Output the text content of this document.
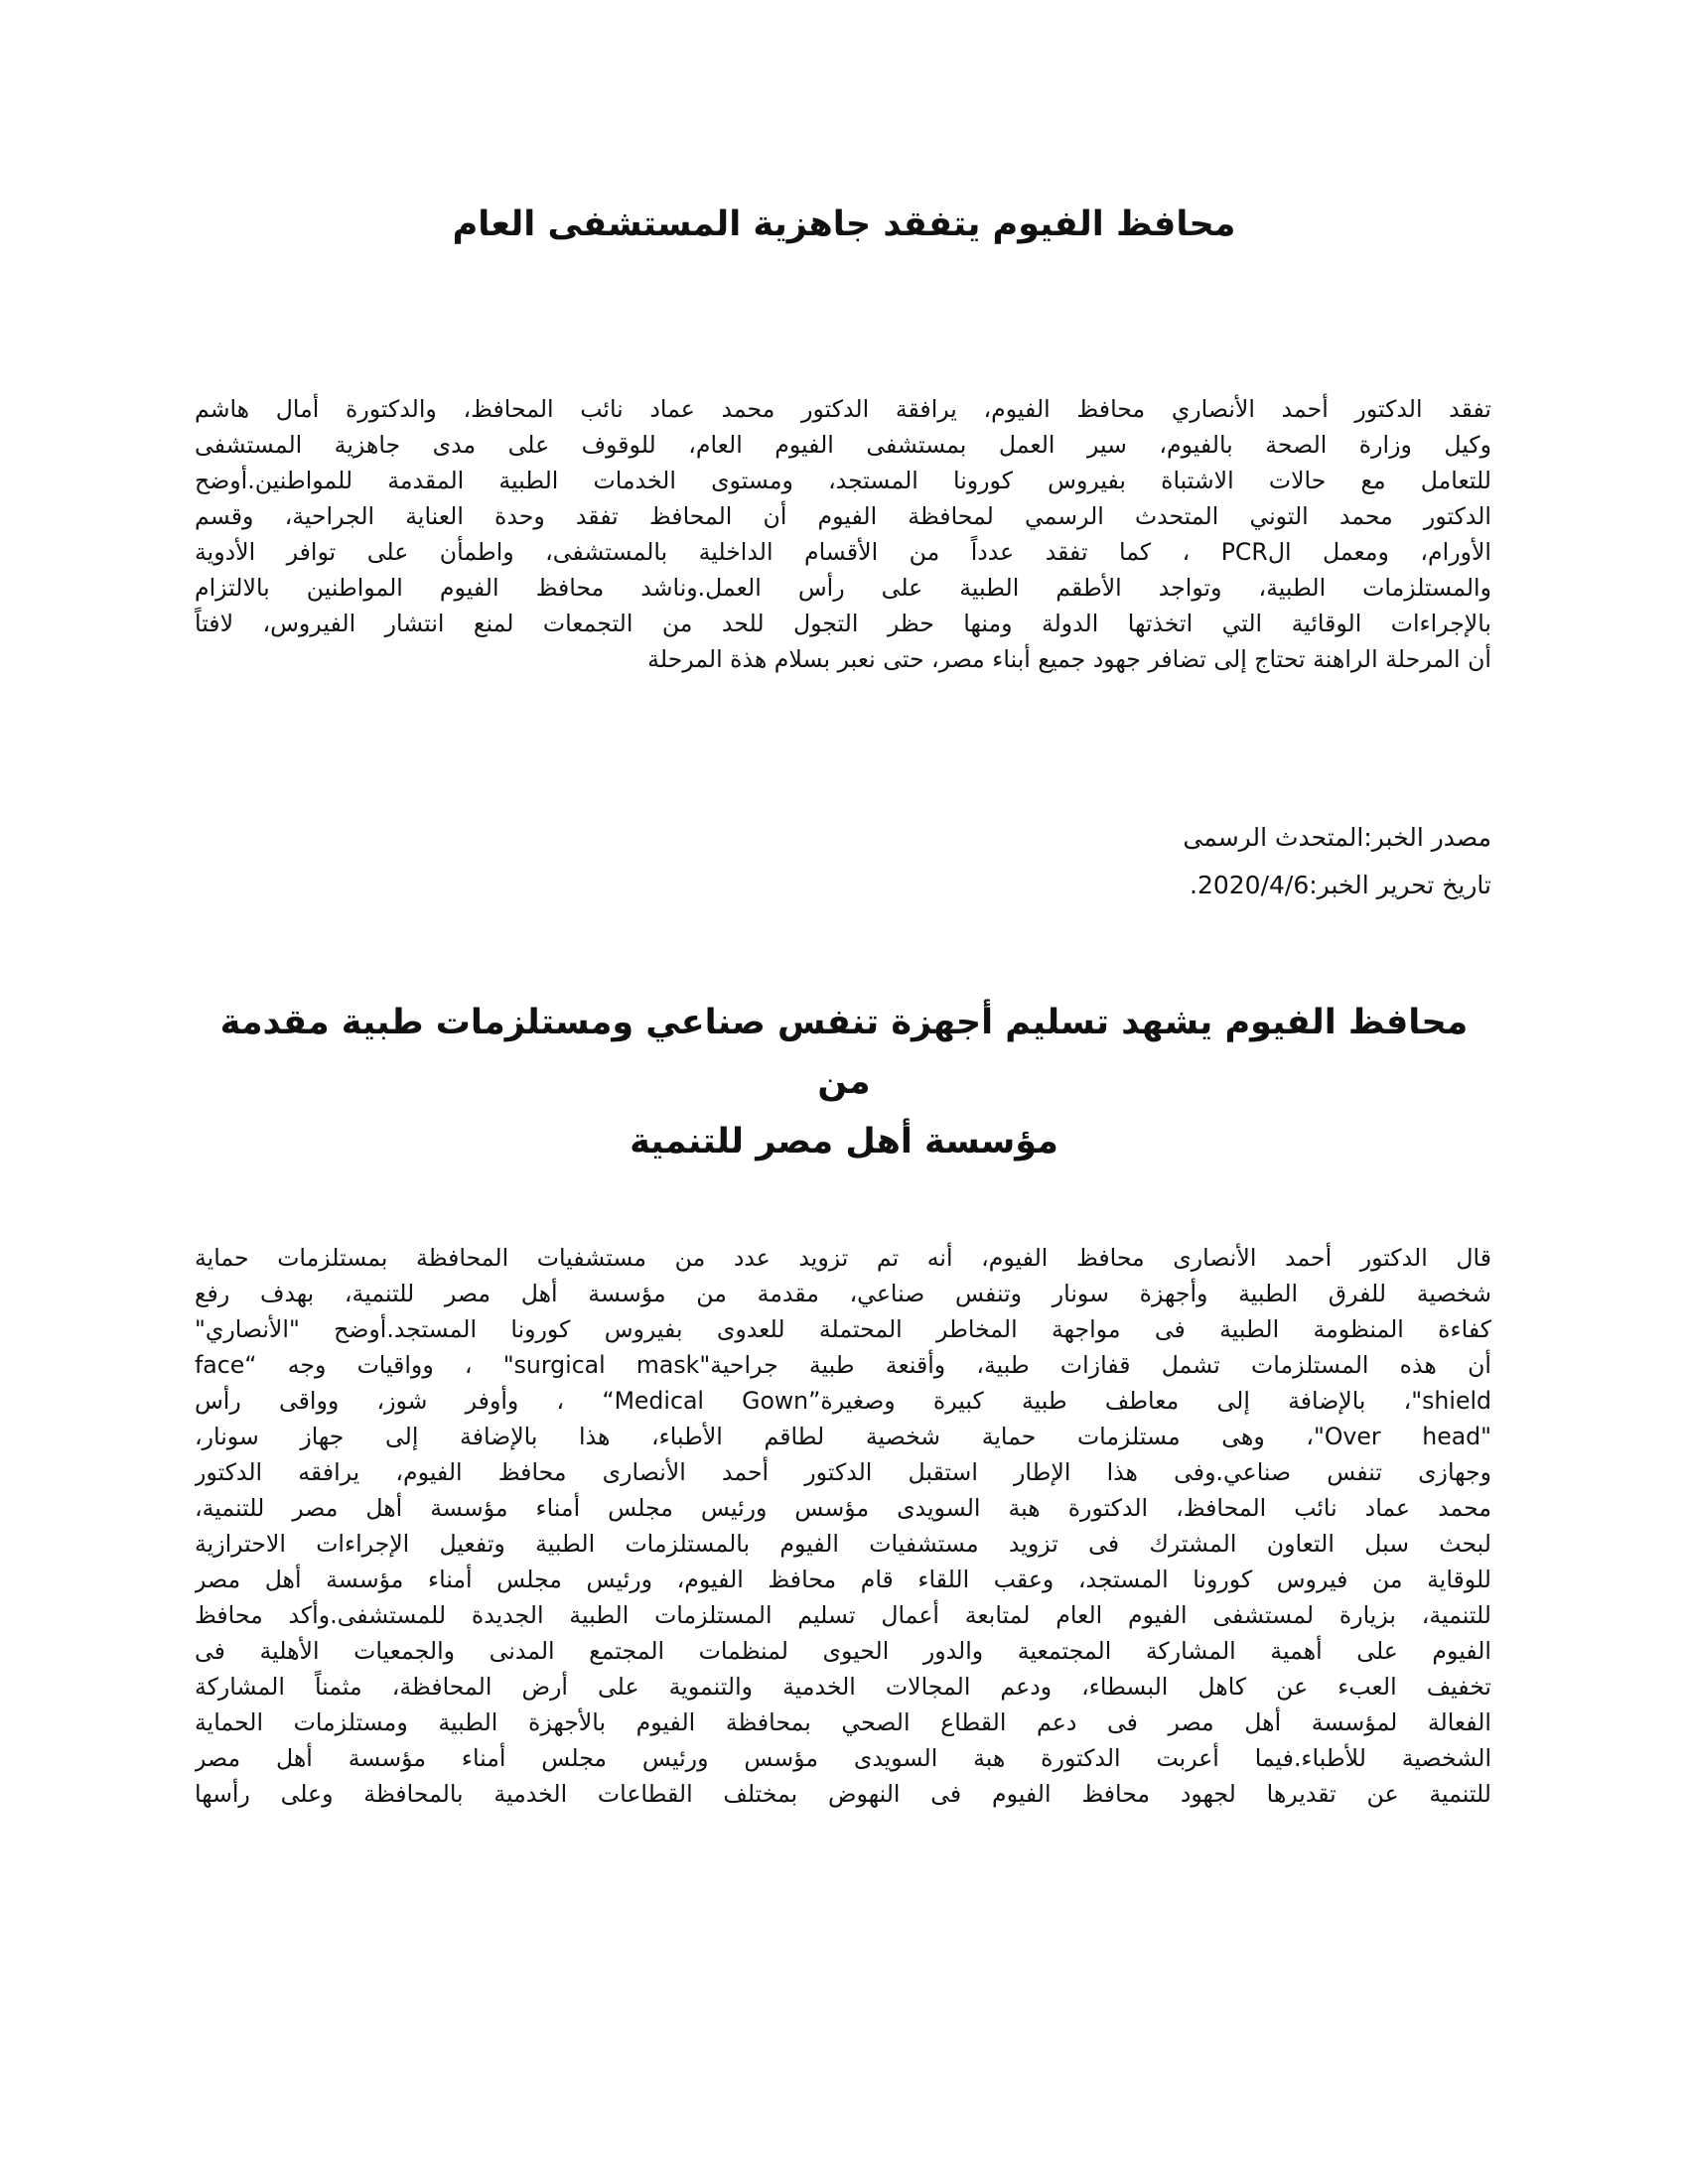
محافظ الفيوم يتفقد جاهزية المستشفى العام
تفقد الدكتور أحمد الأنصاري محافظ الفيوم، يرافقة الدكتور محمد عماد نائب المحافظ، والدكتورة أمال هاشم
وكيل وزارة الصحة بالفيوم، سير العمل بمستشفى الفيوم العام، للوقوف على مدى جاهزية المستشفى
للتعامل مع حالات الاشتباة بفيروس كورونا المستجد، ومستوى الخدمات الطبية المقدمة للمواطنين.أوضح
الدكتور محمد التوني المتحدث الرسمي لمحافظة الفيوم أن المحافظ تفقد وحدة العناية الجراحية، وقسم
الأورام، ومعمل الPCR ، كما تفقد عدداً من الأقسام الداخلية بالمستشفى، واطمأن على توافر الأدوية
والمستلزمات الطبية، وتواجد الأطقم الطبية على رأس العمل.وناشد محافظ الفيوم المواطنين بالالتزام
بالإجراءات الوقائية التي اتخذتها الدولة ومنها حظر التجول للحد من التجمعات لمنع انتشار الفيروس، لافتاً
أن المرحلة الراهنة تحتاج إلى تضافر جهود جميع أبناء مصر، حتى نعبر بسلام هذة المرحلة

مصدر الخبر:المتحدث الرسمى

تاريخ تحرير الخبر:2020/4/6.

محافظ الفيوم يشهد تسليم أجهزة تنفس صناعي ومستلزمات طبية مقدمة من
مؤسسة أهل مصر للتنمية
قال الدكتور أحمد الأنصارى محافظ الفيوم، أنه تم تزويد عدد من مستشفيات المحافظة بمستلزمات حماية
شخصية للفرق الطبية وأجهزة سونار وتنفس صناعي، مقدمة من مؤسسة أهل مصر للتنمية، بهدف رفع
كفاءة المنظومة الطبية فى مواجهة المخاطر المحتملة للعدوى بفيروس كورونا المستجد.أوضح "الأنصاري"
أن هذه المستلزمات تشمل قفازات طبية، وأقنعة طبية جراحية"surgical mask" ، وواقيات وجه “face
shield"، بالإضافة إلى معاطف طبية كبيرة وصغيرة”Medical Gown“ ، وأوفر شوز، وواقى رأس
"Over head"، وهى مستلزمات حماية شخصية لطاقم الأطباء، هذا بالإضافة إلى جهاز سونار،
وجهازى تنفس صناعي.وفى هذا الإطار استقبل الدكتور أحمد الأنصارى محافظ الفيوم، يرافقه الدكتور
محمد عماد نائب المحافظ، الدكتورة هبة السويدى مؤسس ورئيس مجلس أمناء مؤسسة أهل مصر للتنمية،
لبحث سبل التعاون المشترك فى تزويد مستشفيات الفيوم بالمستلزمات الطبية وتفعيل الإجراءات الاحترازية
للوقاية من فيروس كورونا المستجد، وعقب اللقاء قام محافظ الفيوم، ورئيس مجلس أمناء مؤسسة أهل مصر
للتنمية، بزيارة لمستشفى الفيوم العام لمتابعة أعمال تسليم المستلزمات الطبية الجديدة للمستشفى.وأكد محافظ
الفيوم على أهمية المشاركة المجتمعية والدور الحيوى لمنظمات المجتمع المدنى والجمعيات الأهلية فى
تخفيف العبء عن كاهل البسطاء، ودعم المجالات الخدمية والتنموية على أرض المحافظة، مثمناً المشاركة
الفعالة لمؤسسة أهل مصر فى دعم القطاع الصحي بمحافظة الفيوم بالأجهزة الطبية ومستلزمات الحماية
الشخصية للأطباء.فيما أعربت الدكتورة هبة السويدى مؤسس ورئيس مجلس أمناء مؤسسة أهل مصر
للتنمية عن تقديرها لجهود محافظ الفيوم فى النهوض بمختلف القطاعات الخدمية بالمحافظة وعلى رأسها
